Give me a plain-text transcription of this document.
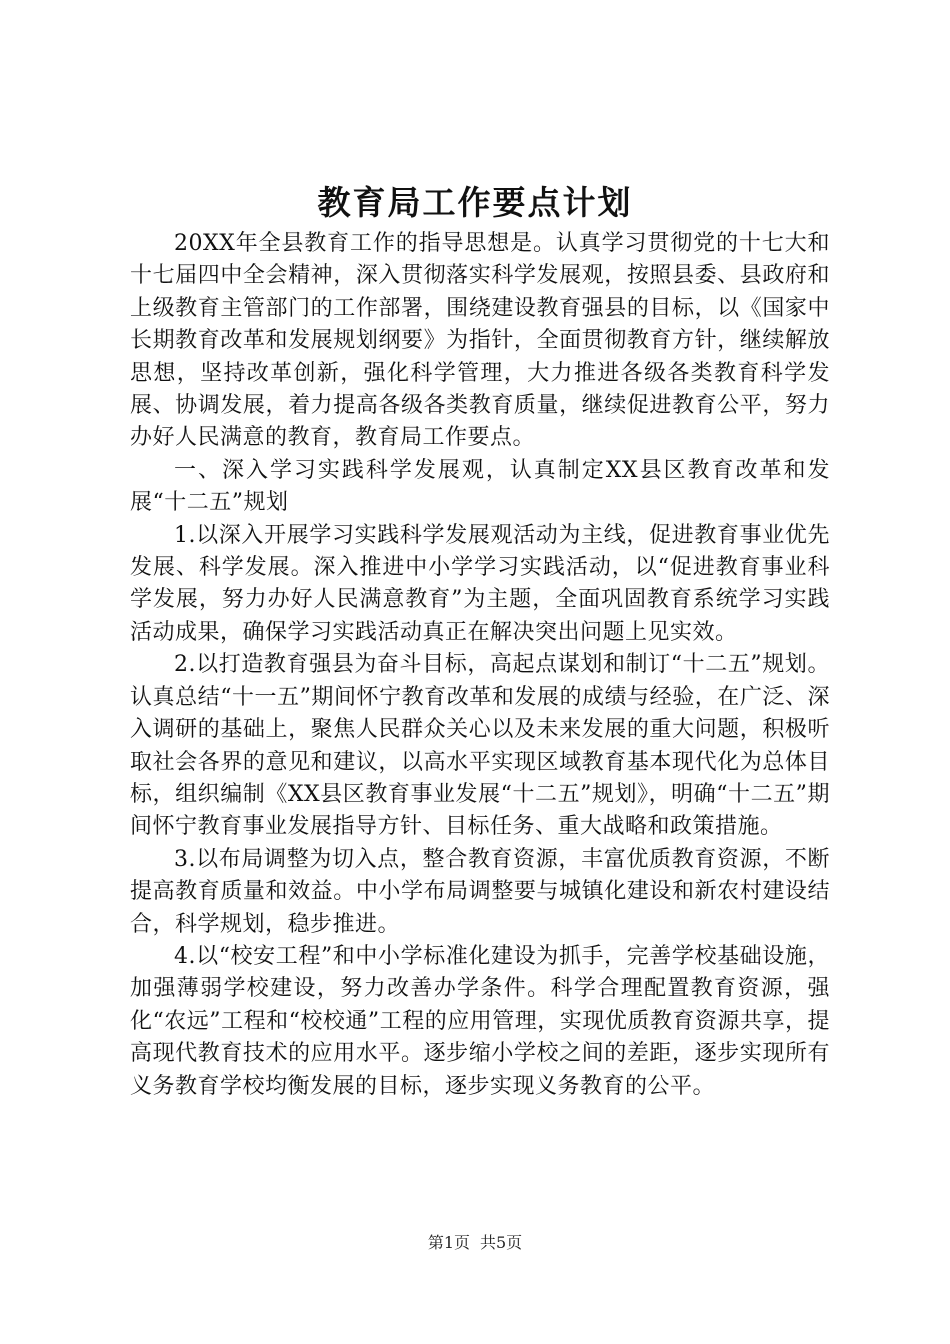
教育局工作要点计划

20XX年全县教育工作的指导思想是。认真学习贯彻党的十七大和十七届四中全会精神，深入贯彻落实科学发展观，按照县委、县政府和上级教育主管部门的工作部署，围绕建设教育强县的目标，以《国家中长期教育改革和发展规划纲要》为指针，全面贯彻教育方针，继续解放思想，坚持改革创新，强化科学管理，大力推进各级各类教育科学发展、协调发展，着力提高各级各类教育质量，继续促进教育公平，努力办好人民满意的教育，教育局工作要点。

一、深入学习实践科学发展观，认真制定XX县区教育改革和发展“十二五”规划

1.以深入开展学习实践科学发展观活动为主线，促进教育事业优先发展、科学发展。深入推进中小学学习实践活动，以“促进教育事业科学发展，努力办好人民满意教育”为主题，全面巩固教育系统学习实践活动成果，确保学习实践活动真正在解决突出问题上见实效。

2.以打造教育强县为奋斗目标，高起点谋划和制订“十二五”规划。认真总结“十一五”期间怀宁教育改革和发展的成绩与经验，在广泛、深入调研的基础上，聚焦人民群众关心以及未来发展的重大问题，积极听取社会各界的意见和建议，以高水平实现区域教育基本现代化为总体目标，组织编制《XX县区教育事业发展“十二五”规划》，明确“十二五”期间怀宁教育事业发展指导方针、目标任务、重大战略和政策措施。

3.以布局调整为切入点，整合教育资源，丰富优质教育资源，不断提高教育质量和效益。中小学布局调整要与城镇化建设和新农村建设结合，科学规划，稳步推进。

4.以“校安工程”和中小学标准化建设为抓手，完善学校基础设施，加强薄弱学校建设，努力改善办学条件。科学合理配置教育资源，强化“农远”工程和“校校通”工程的应用管理，实现优质教育资源共享，提高现代教育技术的应用水平。逐步缩小学校之间的差距，逐步实现所有义务教育学校均衡发展的目标，逐步实现义务教育的公平。

第1页 共5页
